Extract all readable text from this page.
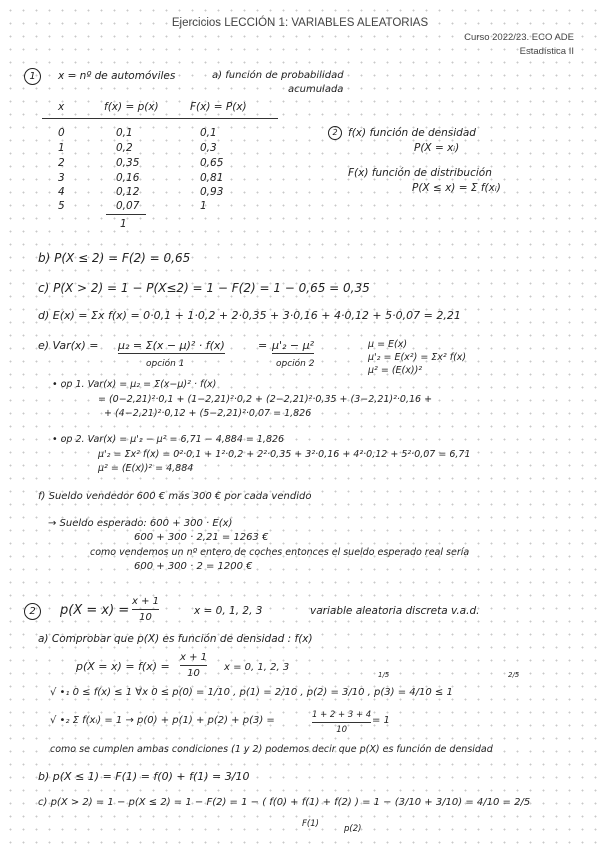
Ejercicios LECCIÓN 1: VARIABLES ALEATORIAS
Curso 2022/23. ECO ADE
Estadística II
1	x = nº de automóviles	a) función de probabilidad
acumulada
x	f(x) = p(x)	F(x) = P(x)
0	0,1	0,1
1	0,2	0,3
2	0,35	0,65
3	0,16	0,81
4	0,12	0,93
5	0,07	1
1
2 f(x) función de densidad
P(X = xᵢ)
F(x) función de distribución
P(X ≤ x) = Σ f(xᵢ)
b) P(X ≤ 2) = F(2) = 0,65
c) P(X > 2) = 1 − P(X≤2) = 1 − F(2) = 1 − 0,65 = 0,35
d) E(x) = Σx f(x) = 0·0,1 + 1·0,2 + 2·0,35 + 3·0,16 + 4·0,12 + 5·0,07 = 2,21
e) Var(x) = μ₂ = Σ(x − μ)² · f(x)	= μ'₂ − μ²
opción 1	opción 2
μ = E(x)
μ'₂ = E(x²) = Σx² f(x)
μ² = (E(x))²
• op 1. Var(x) = μ₂ = Σ(x−μ)² · f(x)
= (0−2,21)²·0,1 + (1−2,21)²·0,2 + (2−2,21)²·0,35 + (3−2,21)²·0,16 +
+ (4−2,21)²·0,12 + (5−2,21)²·0,07 = 1,826
• op 2. Var(x) = μ'₂ − μ² = 6,71 − 4,884 = 1,826
μ'₂ = Σx² f(x) = 0²·0,1 + 1²·0,2 + 2²·0,35 + 3²·0,16 + 4²·0,12 + 5²·0,07 = 6,71
μ² = (E(x))² = 4,884
f) Sueldo vendedor 600 € más 300 € por cada vendido
→ Sueldo esperado: 600 + 300 · E(x)
600 + 300 · 2,21 = 1263 €
como vendemos un nº entero de coches entonces el sueldo esperado real sería
600 + 300 · 2 = 1200 €
2	p(X = x) =
x + 1
10
x = 0, 1, 2, 3	variable aleatoria discreta v.a.d.
a) Comprobar que p(X) es función de densidad : f(x)
p(X = x) = f(x) =
x + 1
10
x = 0, 1, 2, 3
1/5	2/5
√ •₁ 0 ≤ f(x) ≤ 1 ∀x 0 ≤ p(0) = 1/10 , p(1) = 2/10 , p(2) = 3/10 , p(3) = 4/10 ≤ 1
√ •₂ Σ f(xᵢ) = 1 → p(0) + p(1) + p(2) + p(3) =	1 + 2 + 3 + 4
10
= 1
como se cumplen ambas condiciones (1 y 2) podemos decir que p(X) es función de densidad
b) p(X ≤ 1) = F(1) = f(0) + f(1) = 3/10
c) p(X > 2) = 1 − p(X ≤ 2) = 1 − F(2) = 1 − ( f(0) + f(1) + f(2) ) = 1 − (3/10 + 3/10) = 4/10 = 2/5
F(1)	p(2)
